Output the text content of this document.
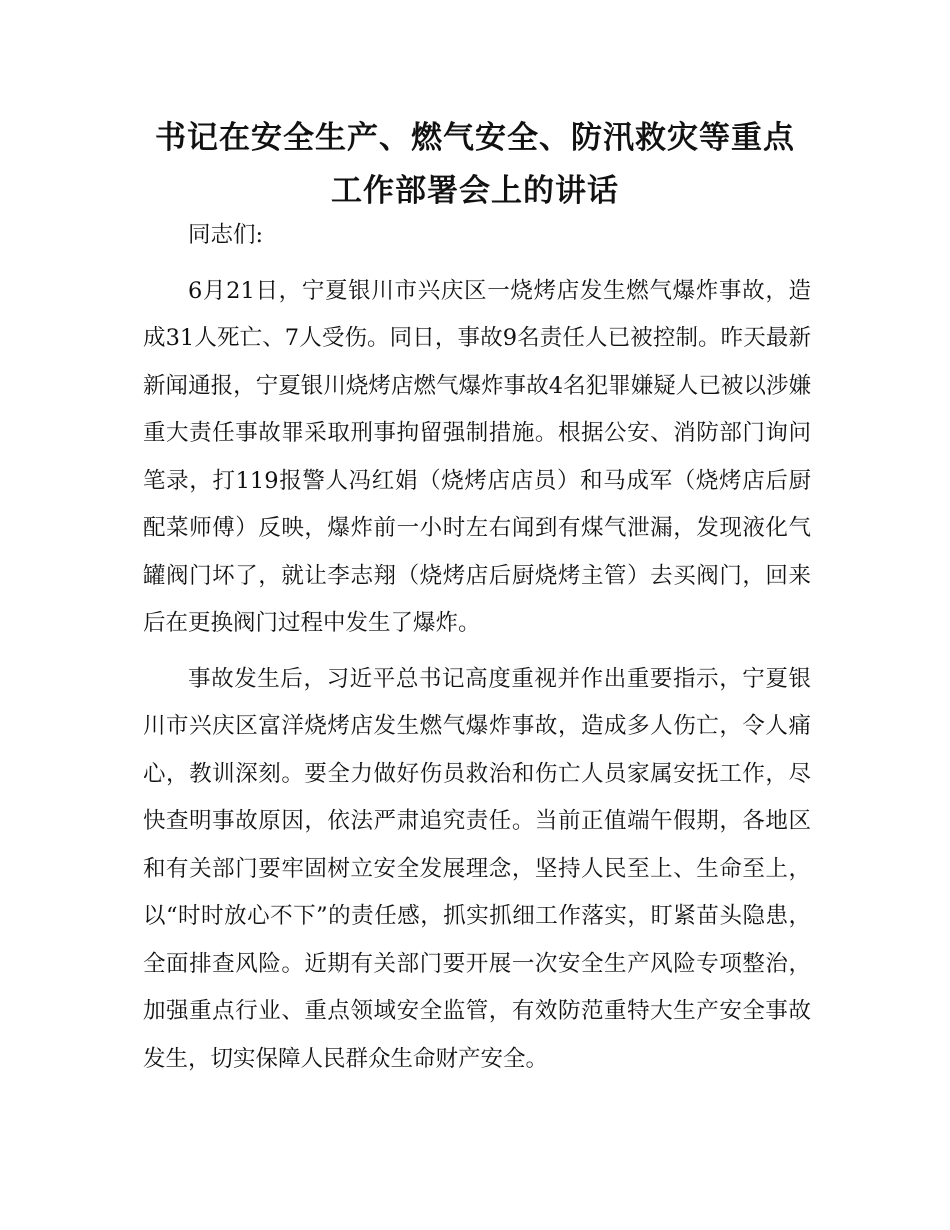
书记在安全生产、燃气安全、防汛救灾等重点
工作部署会上的讲话

同志们:

6月21日，宁夏银川市兴庆区一烧烤店发生燃气爆炸事故，造成31人死亡、7人受伤。同日，事故9名责任人已被控制。昨天最新新闻通报，宁夏银川烧烤店燃气爆炸事故4名犯罪嫌疑人已被以涉嫌重大责任事故罪采取刑事拘留强制措施。根据公安、消防部门询问笔录，打119报警人冯红娟（烧烤店店员）和马成军（烧烤店后厨配菜师傅）反映，爆炸前一小时左右闻到有煤气泄漏，发现液化气罐阀门坏了，就让李志翔（烧烤店后厨烧烤主管）去买阀门，回来后在更换阀门过程中发生了爆炸。

事故发生后，习近平总书记高度重视并作出重要指示，宁夏银川市兴庆区富洋烧烤店发生燃气爆炸事故，造成多人伤亡，令人痛心，教训深刻。要全力做好伤员救治和伤亡人员家属安抚工作，尽快查明事故原因，依法严肃追究责任。当前正值端午假期，各地区和有关部门要牢固树立安全发展理念，坚持人民至上、生命至上，以“时时放心不下”的责任感，抓实抓细工作落实，盯紧苗头隐患，全面排查风险。近期有关部门要开展一次安全生产风险专项整治，加强重点行业、重点领域安全监管，有效防范重特大生产安全事故发生，切实保障人民群众生命财产安全。
